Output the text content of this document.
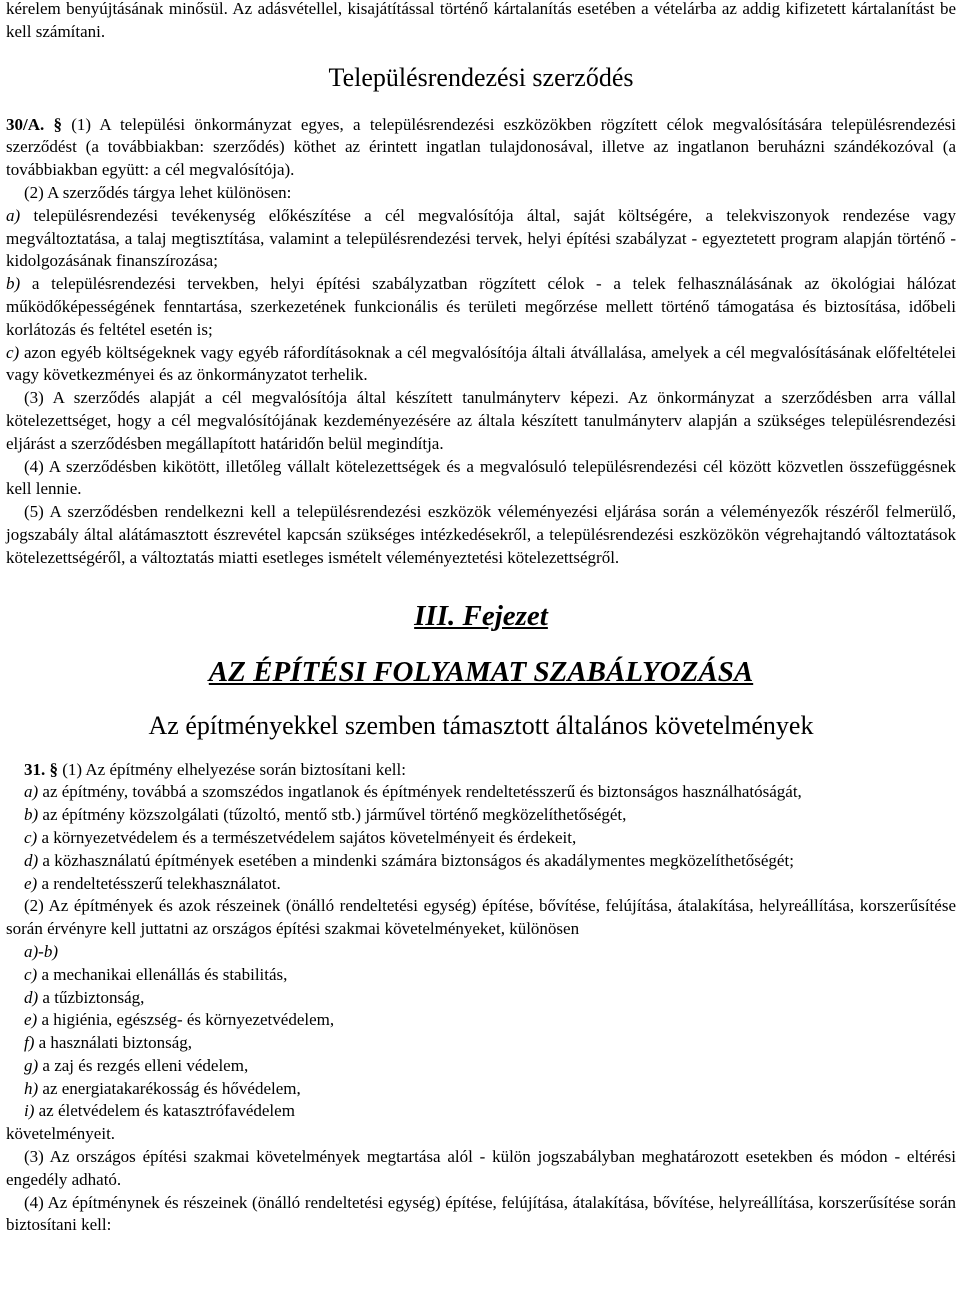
kérelem benyújtásának minősül. Az adásvétellel, kisajátítással történő kártalanítás esetében a vételárba az addig kifizetett kártalanítást be kell számítani.

Településrendezési szerződés

30/A. § (1) A települési önkormányzat egyes, a településrendezési eszközökben rögzített célok megvalósítására településrendezési szerződést (a továbbiakban: szerződés) köthet az érintett ingatlan tulajdonosával, illetve az ingatlanon beruházni szándékozóval (a továbbiakban együtt: a cél megvalósítója).

(2) A szerződés tárgya lehet különösen:

a) településrendezési tevékenység előkészítése a cél megvalósítója által, saját költségére, a telekviszonyok rendezése vagy megváltoztatása, a talaj megtisztítása, valamint a településrendezési tervek, helyi építési szabályzat - egyeztetett program alapján történő - kidolgozásának finanszírozása;

b) a településrendezési tervekben, helyi építési szabályzatban rögzített célok - a telek felhasználásának az ökológiai hálózat működőképességének fenntartása, szerkezetének funkcionális és területi megőrzése mellett történő támogatása és biztosítása, időbeli korlátozás és feltétel esetén is;

c) azon egyéb költségeknek vagy egyéb ráfordításoknak a cél megvalósítója általi átvállalása, amelyek a cél megvalósításának előfeltételei vagy következményei és az önkormányzatot terhelik.

(3) A szerződés alapját a cél megvalósítója által készített tanulmányterv képezi. Az önkormányzat a szerződésben arra vállal kötelezettséget, hogy a cél megvalósítójának kezdeményezésére az általa készített tanulmányterv alapján a szükséges településrendezési eljárást a szerződésben megállapított határidőn belül megindítja.

(4) A szerződésben kikötött, illetőleg vállalt kötelezettségek és a megvalósuló településrendezési cél között közvetlen összefüggésnek kell lennie.

(5) A szerződésben rendelkezni kell a településrendezési eszközök véleményezési eljárása során a véleményezők részéről felmerülő, jogszabály által alátámasztott észrevétel kapcsán szükséges intézkedésekről, a településrendezési eszközökön végrehajtandó változtatások kötelezettségéről, a változtatás miatti esetleges ismételt véleményeztetési kötelezettségről.

III. Fejezet
AZ ÉPÍTÉSI FOLYAMAT SZABÁLYOZÁSA
Az építményekkel szemben támasztott általános követelmények

31. § (1) Az építmény elhelyezése során biztosítani kell:

a) az építmény, továbbá a szomszédos ingatlanok és építmények rendeltetésszerű és biztonságos használhatóságát,

b) az építmény közszolgálati (tűzoltó, mentő stb.) járművel történő megközelíthetőségét,

c) a környezetvédelem és a természetvédelem sajátos követelményeit és érdekeit,

d) a közhasználatú építmények esetében a mindenki számára biztonságos és akadálymentes megközelíthetőségét;

e) a rendeltetésszerű telekhasználatot.

(2) Az építmények és azok részeinek (önálló rendeltetési egység) építése, bővítése, felújítása, átalakítása, helyreállítása, korszerűsítése során érvényre kell juttatni az országos építési szakmai követelményeket, különösen

a)-b)

c) a mechanikai ellenállás és stabilitás,

d) a tűzbiztonság,

e) a higiénia, egészség- és környezetvédelem,

f) a használati biztonság,

g) a zaj és rezgés elleni védelem,

h) az energiatakarékosság és hővédelem,

i) az életvédelem és katasztrófavédelem

követelményeit.

(3) Az országos építési szakmai követelmények megtartása alól - külön jogszabályban meghatározott esetekben és módon - eltérési engedély adható.

(4) Az építménynek és részeinek (önálló rendeltetési egység) építése, felújítása, átalakítása, bővítése, helyreállítása, korszerűsítése során biztosítani kell:
